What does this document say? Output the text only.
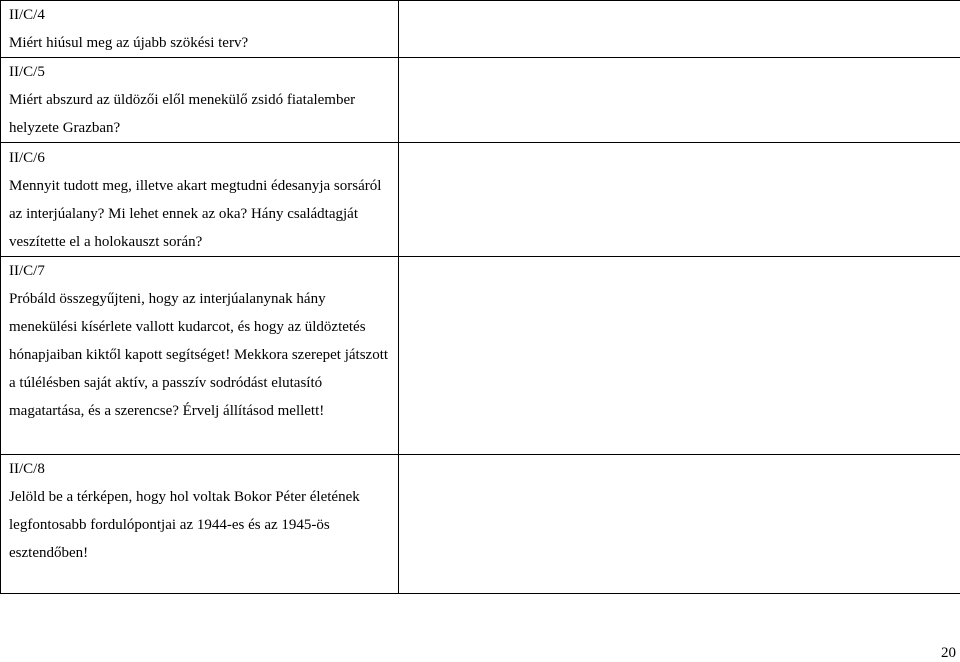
II/C/4
Miért hiúsul meg az újabb szökési terv?	

II/C/5
Miért abszurd az üldözői elől menekülő zsidó fiatalember helyzete Grazban?	

II/C/6
Mennyit tudott meg, illetve akart megtudni édesanyja sorsáról az interjúalany? Mi lehet ennek az oka? Hány családtagját veszítette el a holokauszt során?	

II/C/7
Próbáld összegyűjteni, hogy az interjúalanynak hány menekülési kísérlete vallott kudarcot, és hogy az üldöztetés hónapjaiban kiktől kapott segítséget! Mekkora szerepet játszott a túlélésben saját aktív, a passzív sodródást elutasító magatartása, és a szerencse? Érvelj állításod mellett!	

II/C/8
Jelöld be a térképen, hogy hol voltak Bokor Péter életének legfontosabb fordulópontjai az 1944-es és az 1945-ös esztendőben!	

20
